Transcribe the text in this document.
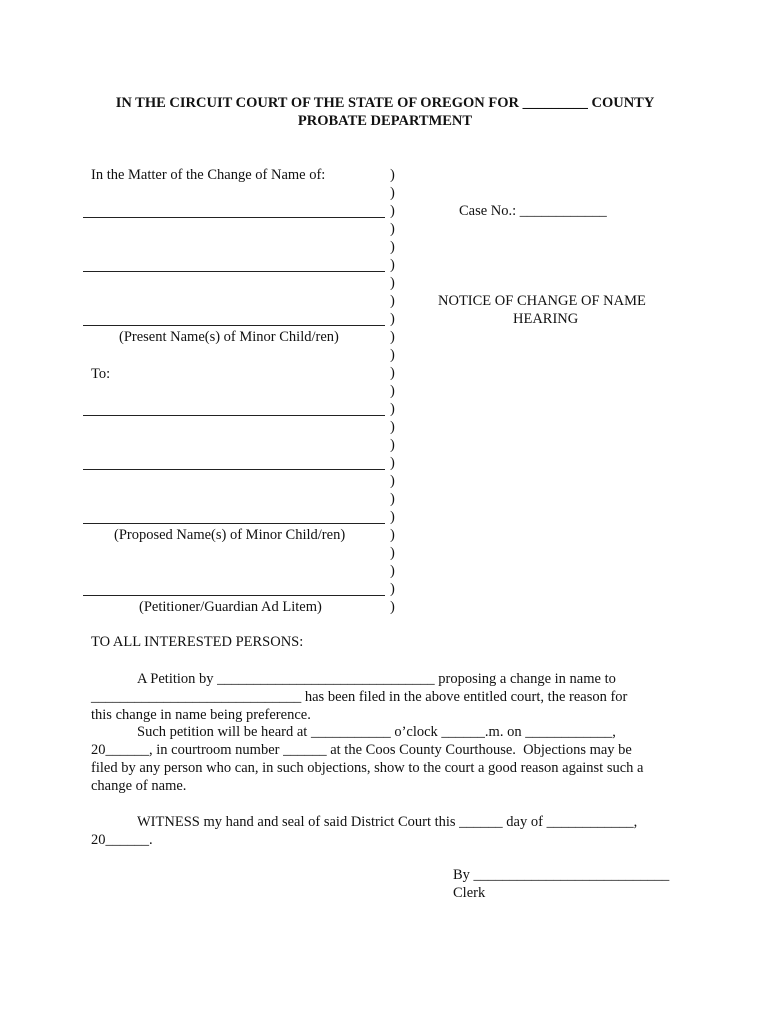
IN THE CIRCUIT COURT OF THE STATE OF OREGON FOR _________ COUNTY
PROBATE DEPARTMENT
In the Matter of the Change of Name of:
(Present Name(s) of Minor Child/ren)
To:
(Proposed Name(s) of Minor Child/ren)
(Petitioner/Guardian Ad Litem)
)
)
)
)
)
)
)
)
)
)
)
)
)
)
)
)
)
)
)
)
)
)
)
)
)
Case No.: ____________
NOTICE OF CHANGE OF NAME
HEARING
TO ALL INTERESTED PERSONS:
A Petition by ______________________________ proposing a change in name to
_____________________________ has been filed in the above entitled court, the reason for
this change in name being preference.
Such petition will be heard at ___________ o’clock ______.m. on ____________,
20______, in courtroom number ______ at the Coos County Courthouse.  Objections may be
filed by any person who can, in such objections, show to the court a good reason against such a
change of name.
WITNESS my hand and seal of said District Court this ______ day of ____________,
20______.
By ___________________________
Clerk
